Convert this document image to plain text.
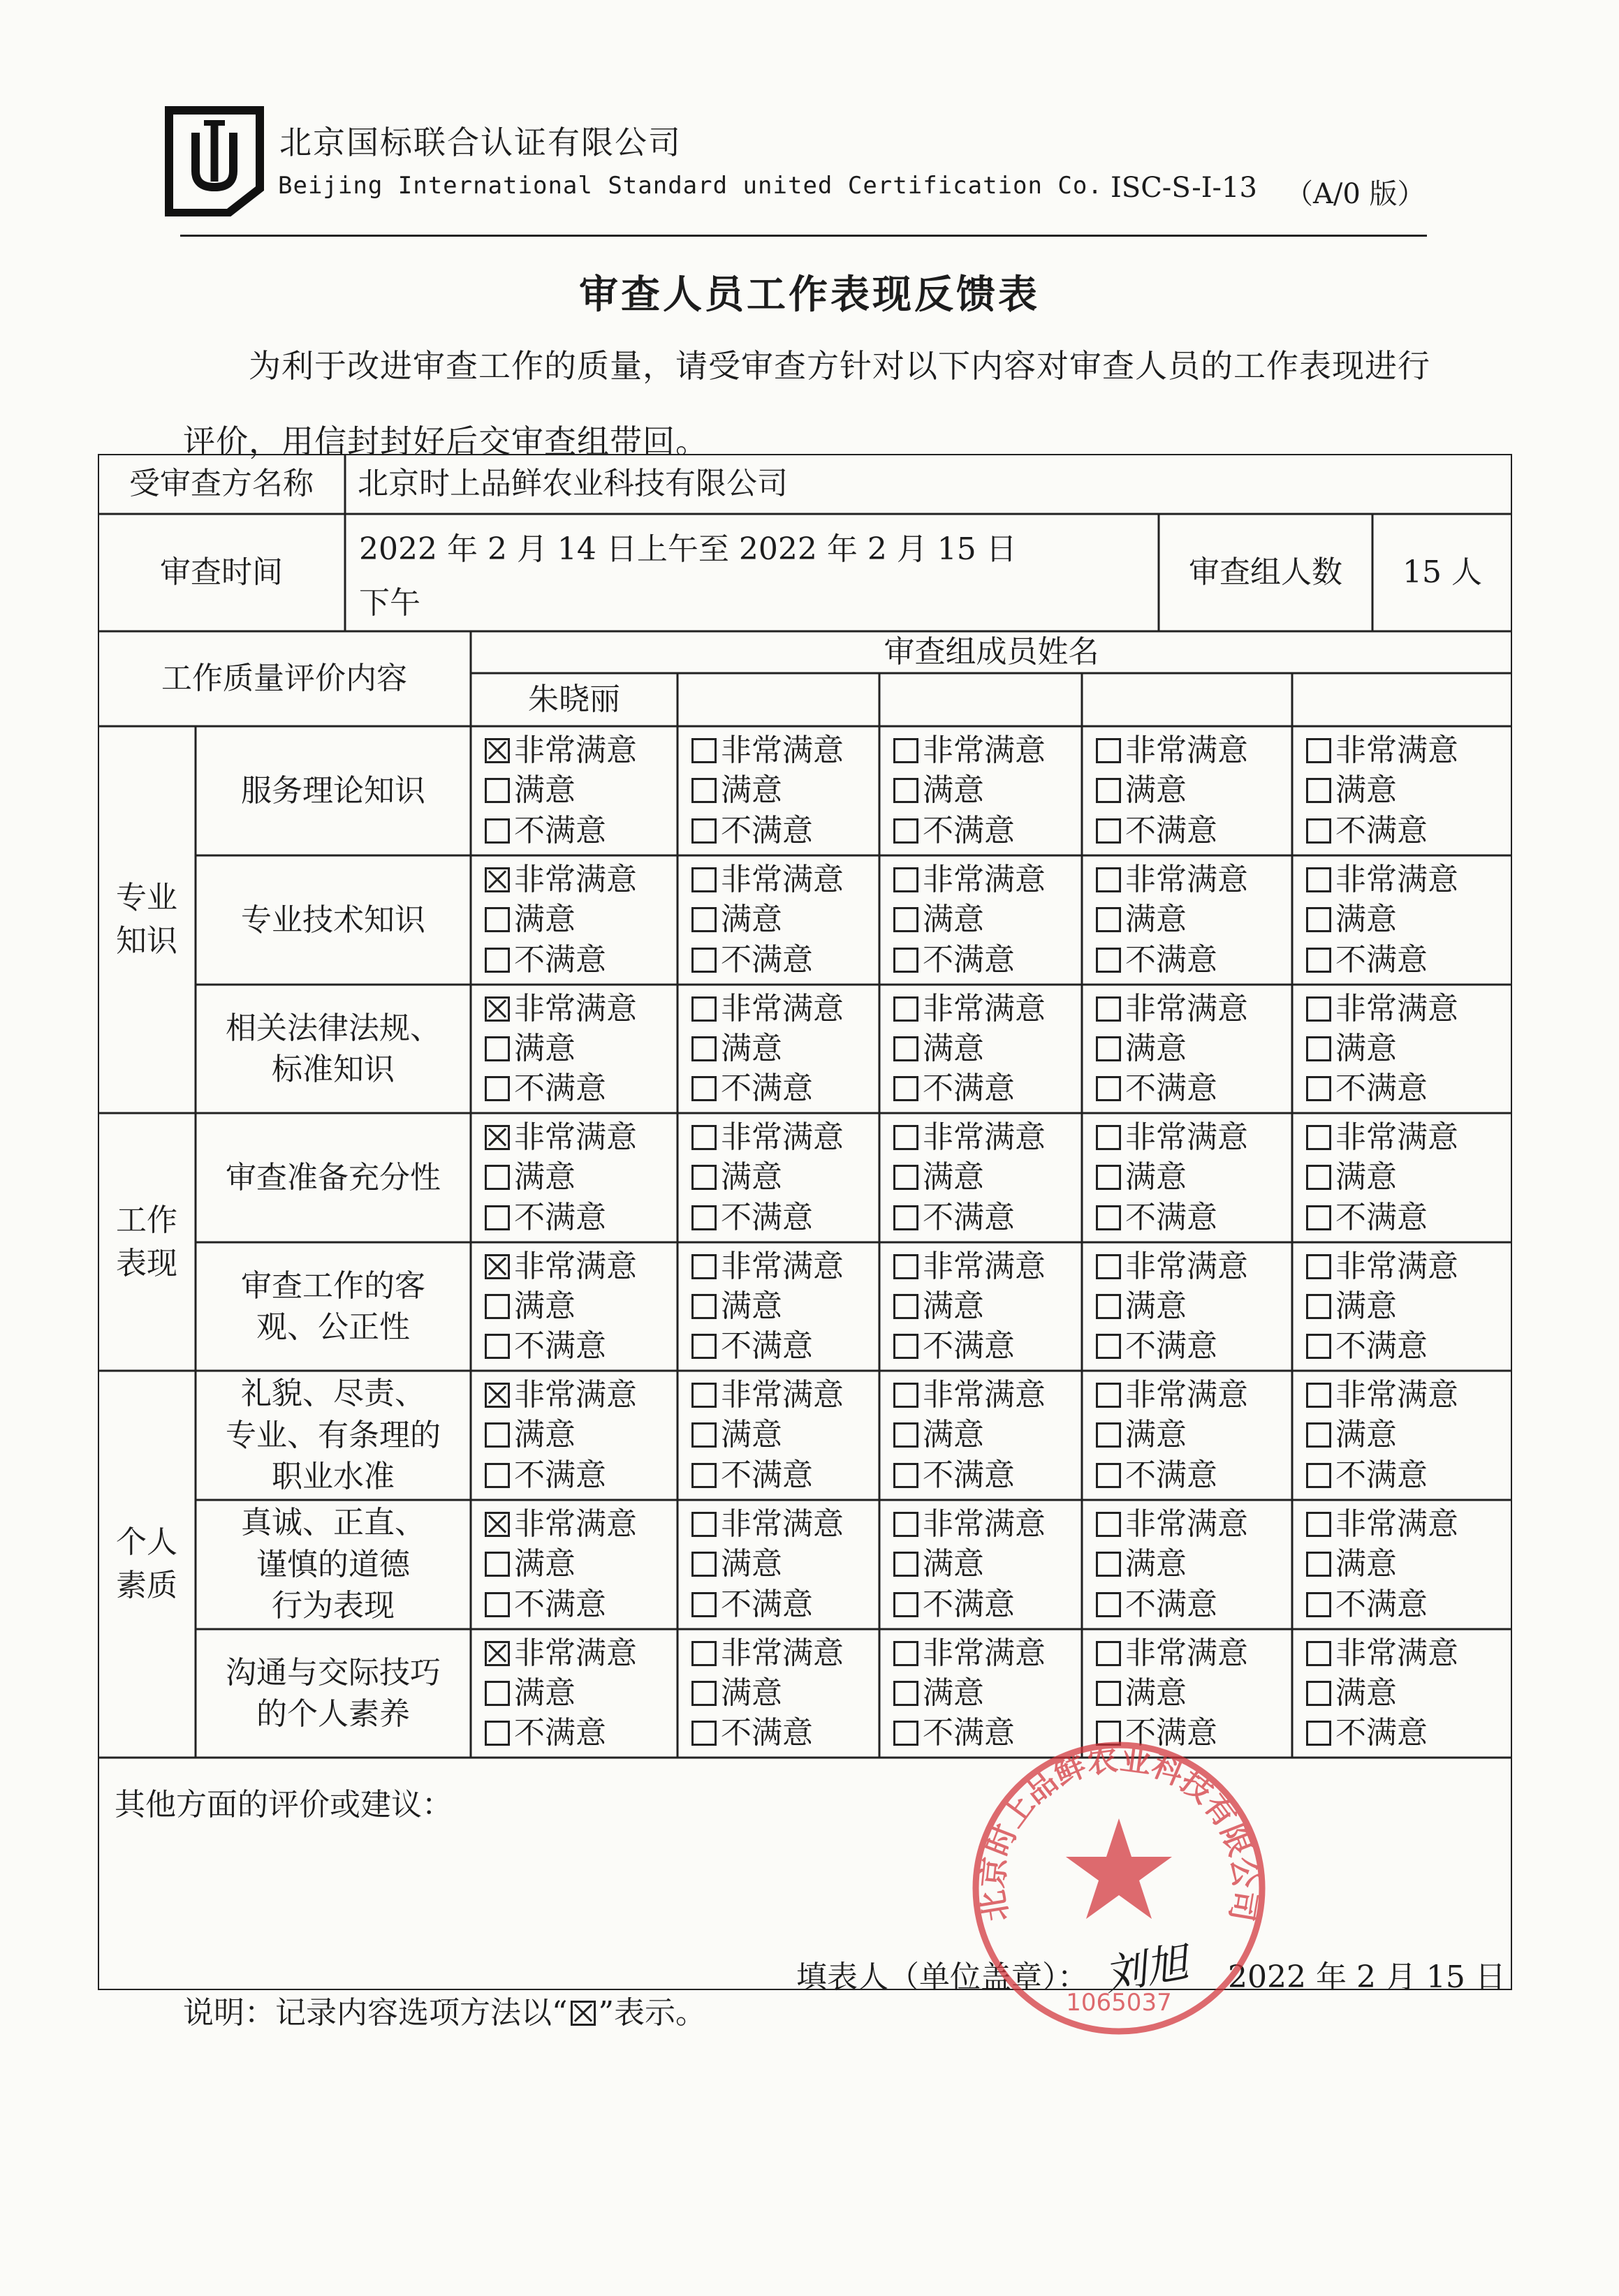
北京国标联合认证有限公司
Beijing International Standard united Certification Co. ISC-S-I-13 （A/0 版）
审查人员工作表现反馈表
为利于改进审查工作的质量，请受审查方针对以下内容对审查人员的工作表现进行
评价，用信封封好后交审查组带回。
受审查方名称	北京时上品鲜农业科技有限公司
审查时间
2022 年 2 月 14 日上午至 2022 年 2 月 15 日
下午
审查组人数	15 人
工作质量评价内容
审查组成员姓名
朱晓丽
专业
知识
工作
表现
个人
素质
服务理论知识
专业技术知识
相关法律法规、
标准知识
审查准备充分性
审查工作的客
观、公正性
礼貌、尽责、
专业、有条理的
职业水准
真诚、正直、
谨慎的道德
行为表现
沟通与交际技巧
的个人素养
非常满意
满意
不满意
非常满意
满意
不满意
非常满意
满意
不满意
非常满意
满意
不满意
非常满意
满意
不满意
非常满意
满意
不满意
非常满意
满意
不满意
非常满意
满意
不满意
非常满意
满意
不满意
非常满意
满意
不满意
非常满意
满意
不满意
非常满意
满意
不满意
非常满意
满意
不满意
非常满意
满意
不满意
非常满意
满意
不满意
非常满意
满意
不满意
非常满意
满意
不满意
非常满意
满意
不满意
非常满意
满意
不满意
非常满意
满意
不满意
非常满意
满意
不满意
非常满意
满意
不满意
非常满意
满意
不满意
非常满意
满意
不满意
非常满意
满意
不满意
非常满意
满意
不满意
非常满意
满意
不满意
非常满意
满意
不满意
非常满意
满意
不满意
非常满意
满意
不满意
非常满意
满意
不满意
非常满意
满意
不满意
非常满意
满意
不满意
非常满意
满意
不满意
非常满意
满意
不满意
非常满意
满意
不满意
非常满意
满意
不满意
非常满意
满意
不满意
非常满意
满意
不满意
非常满意
满意
不满意
其他方面的评价或建议：
填表人（单位盖章）： 刘旭 2022 年 2 月 15 日
说明：记录内容选项方法以“ ”表示。
北京时上品鲜农业科技有限公司
1065037
